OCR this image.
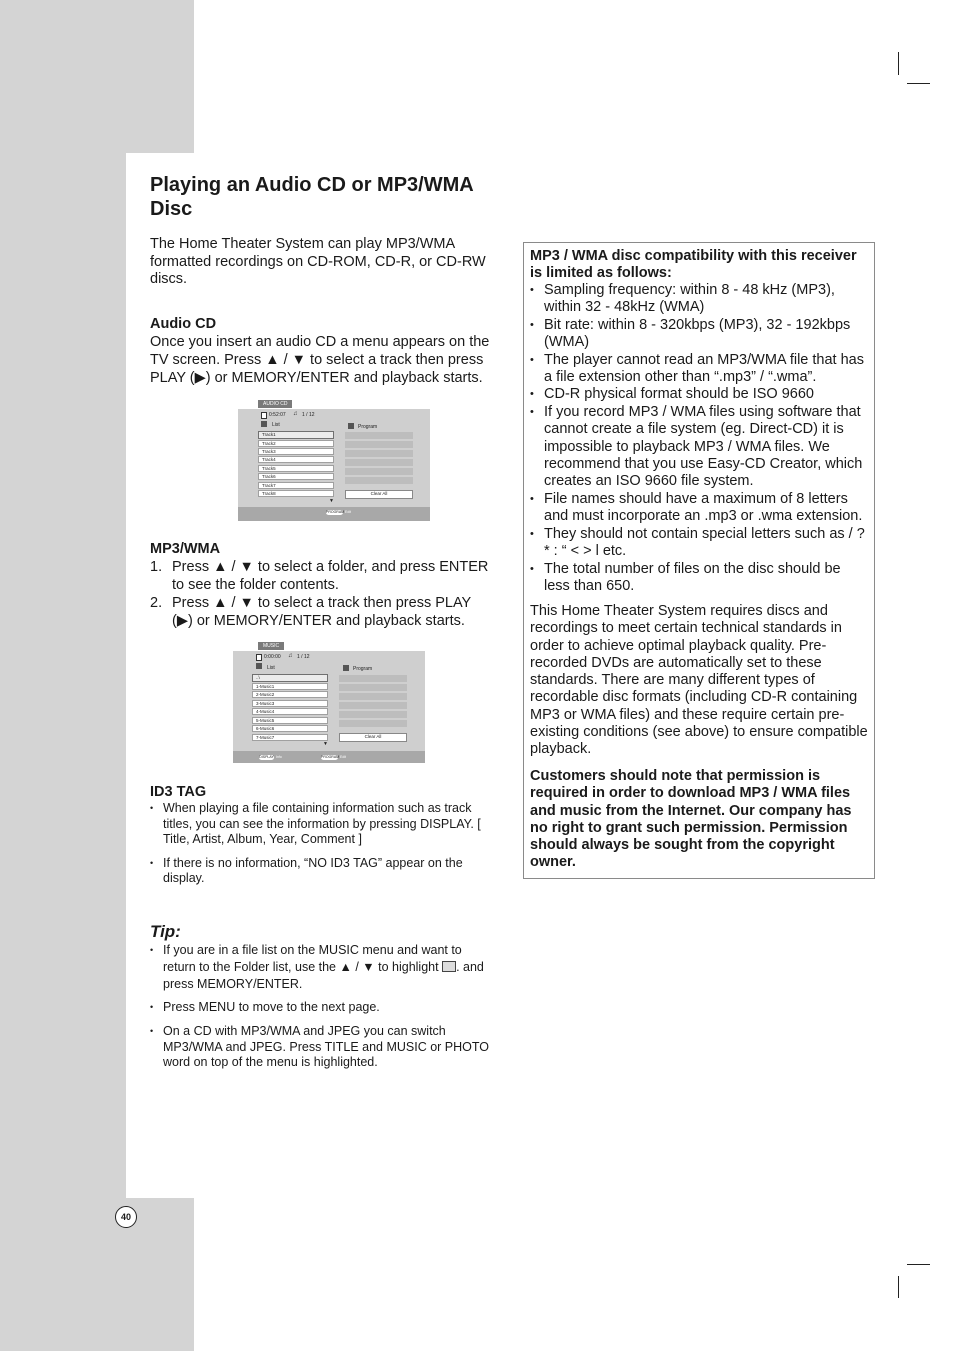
Playing an Audio CD or MP3/WMA Disc

The Home Theater System can play MP3/WMA formatted recordings on CD-ROM, CD-R, or CD-RW discs.

Audio CD

Once you insert an audio CD a menu appears on the TV screen. Press ▲ / ▼ to select a track then press PLAY (▶) or MEMORY/ENTER and playback starts.

AUDIO CD
0:52:07 ♫ 1 / 12
List	Program
Track1
Track2
Track3
Track4
Track5
Track6
Track7
Track8
▼
Clear All
PROGRAM Edit
MP3/WMA
1. Press ▲ / ▼ to select a folder, and press ENTER to see the folder contents.
2. Press ▲ / ▼ to select a track then press PLAY (▶) or MEMORY/ENTER and playback starts.
MUSIC
0:00:00 ♫ 1 / 12
List	Program
..\
1-Music1
2-Music2
3-Music3
4-Music4
5-Music5
6-Music6
7-Music7
▼
Clear All
DISPLAY Info	PROGRAM Edit
ID3 TAG
• When playing a file containing information such as track titles, you can see the information by pressing DISPLAY. [ Title, Artist, Album, Year, Comment ]
• If there is no information, “NO ID3 TAG” appear on the display.
Tip:
• If you are in a file list on the MUSIC menu and want to return to the Folder list, use the ▲ / ▼ to highlight . and press MEMORY/ENTER.
• Press MENU to move to the next page.
• On a CD with MP3/WMA and JPEG you can switch MP3/WMA and JPEG. Press TITLE and MUSIC or PHOTO word on top of the menu is highlighted.

MP3 / WMA disc compatibility with this receiver is limited as follows:

• Sampling frequency: within 8 - 48 kHz (MP3), within 32 - 48kHz (WMA)
• Bit rate: within 8 - 320kbps (MP3), 32 - 192kbps (WMA)
• The player cannot read an MP3/WMA file that has a file extension other than “.mp3” / “.wma”.
• CD-R physical format should be ISO 9660
• If you record MP3 / WMA files using software that cannot create a file system (eg. Direct-CD) it is impossible to playback MP3 / WMA files. We recommend that you use Easy-CD Creator, which creates an ISO 9660 file system.
• File names should have a maximum of 8 letters and must incorporate an .mp3 or .wma extension.
• They should not contain special letters such as / ? * : “ < > l etc.
• The total number of files on the disc should be less than 650.

This Home Theater System requires discs and recordings to meet certain technical standards in order to achieve optimal playback quality. Pre-recorded DVDs are automatically set to these standards. There are many different types of recordable disc formats (including CD-R containing MP3 or WMA files) and these require certain pre-existing conditions (see above) to ensure compatible playback.

Customers should note that permission is required in order to download MP3 / WMA files and music from the Internet. Our company has no right to grant such permission. Permission should always be sought from the copyright owner.

40
